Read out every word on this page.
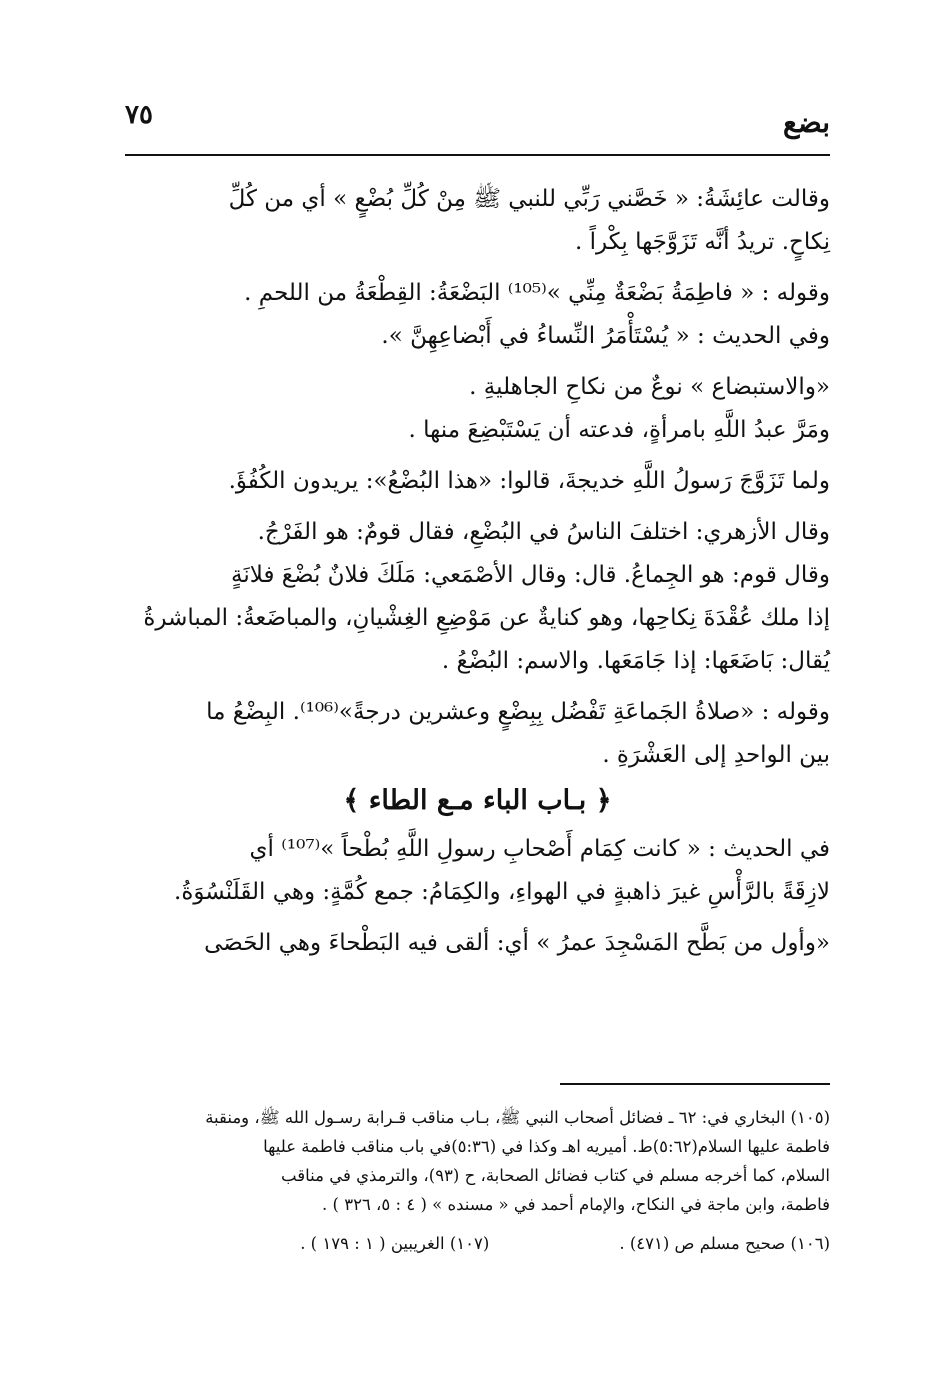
بضع
٧٥

وقالت عائِشَةُ: « خَصَّني رَبِّي للنبي ﷺ مِنْ كُلِّ بُضْعٍ » أي من كُلِّ
نِكاحٍ. تريدُ أنَّه تَزَوَّجَها بِكْراً .

وقوله : « فاطِمَةُ بَضْعَةٌ مِنِّي »⁽¹⁰⁵⁾ البَضْعَةُ: القِطْعَةُ من اللحمِ .
وفي الحديث : « يُسْتَأْمَرُ النِّساءُ في أَبْضاعِهِنَّ ».

«والاستبضاع » نوعٌ من نكاحِ الجاهليةِ .
ومَرَّ عبدُ اللَّهِ بامرأةٍ، فدعته أن يَسْتَبْضِعَ منها .

ولما تَزَوَّجَ رَسولُ اللَّهِ خديجةَ، قالوا: «هذا البُضْعُ»: يريدون الكُفُؤَ.

وقال الأزهري: اختلفَ الناسُ في البُضْعِ، فقال قومٌ: هو الفَرْجُ.
وقال قوم: هو الجِماعُ. قال: وقال الأصْمَعي: مَلَكَ فلانٌ بُضْعَ فلانَةٍ
إذا ملك عُقْدَةَ نِكاحِها، وهو كنايةٌ عن مَوْضِعِ الغِشْيانِ، والمباضَعةُ: المباشرةُ
يُقال: بَاضَعَها: إذا جَامَعَها. والاسم: البُضْعُ .

وقوله : «صلاةُ الجَماعَةِ تَفْضُل بِبِضْعٍ وعشرين درجةً»⁽¹⁰⁶⁾. البِضْعُ ما
بين الواحدِ إلى العَشْرَةِ .

﴿ بـاب الباء مـع الطاء ﴾

في الحديث : « كانت كِمَام أَصْحابِ رسولِ اللَّهِ بُطْحاً »⁽¹⁰⁷⁾ أي
لازِقَةً بالرَّأْسِ غيرَ ذاهبةٍ في الهواءِ، والكِمَامُ: جمع كُمَّةٍ: وهي القَلَنْسُوَةُ.

«وأول من بَطَّح المَسْجِدَ عمرُ » أي: ألقى فيه البَطْحاءَ وهي الحَصَى

(١٠٥) البخاري في: ٦٢ ـ فضائل أصحاب النبي ﷺ، بـاب مناقب قـرابة رسـول الله ﷺ، ومنقبة
فاطمة عليها السلام(٥:٦٢)ط. أميريه اهـ وكذا في (٥:٣٦)في باب مناقب فاطمة عليها
السلام، كما أخرجه مسلم في كتاب فضائل الصحابة، ح (٩٣)، والترمذي في مناقب
فاطمة، وابن ماجة في النكاح، والإمام أحمد في « مسنده » ( ٤ : ٥، ٣٢٦ ) .
(١٠٦) صحيح مسلم ص (٤٧١) .
(١٠٧) الغريبين ( ١ : ١٧٩ ) .
